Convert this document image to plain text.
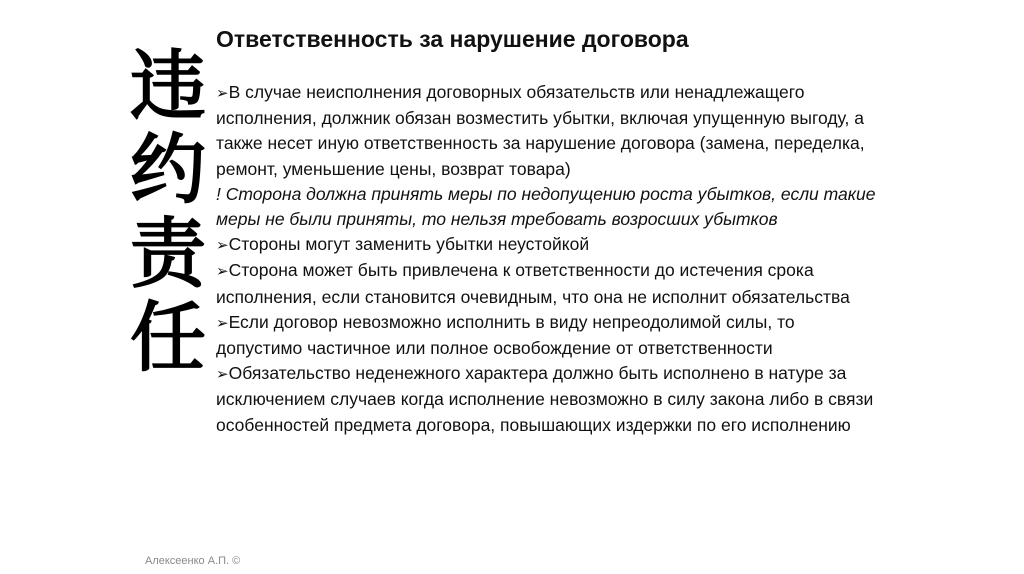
违
约
责
任
Ответственность за нарушение договора

➢В случае неисполнения договорных обязательств или ненадлежащего исполнения, должник обязан возместить убытки, включая упущенную выгоду, а также несет иную ответственность за нарушение договора (замена, переделка, ремонт, уменьшение цены, возврат товара)

! Сторона должна принять меры по недопущению роста убытков, если такие меры не были приняты, то нельзя требовать возросших убытков

➢Стороны могут заменить убытки неустойкой

➢Сторона может быть привлечена к ответственности до истечения срока исполнения, если становится очевидным, что она не исполнит обязательства

➢Если договор невозможно исполнить в виду непреодолимой силы, то допустимо частичное или полное освобождение от ответственности

➢Обязательство неденежного характера должно быть исполнено в натуре за исключением случаев когда исполнение невозможно в силу закона либо в связи особенностей предмета договора, повышающих издержки по его исполнению

Алексеенко А.П. ©
